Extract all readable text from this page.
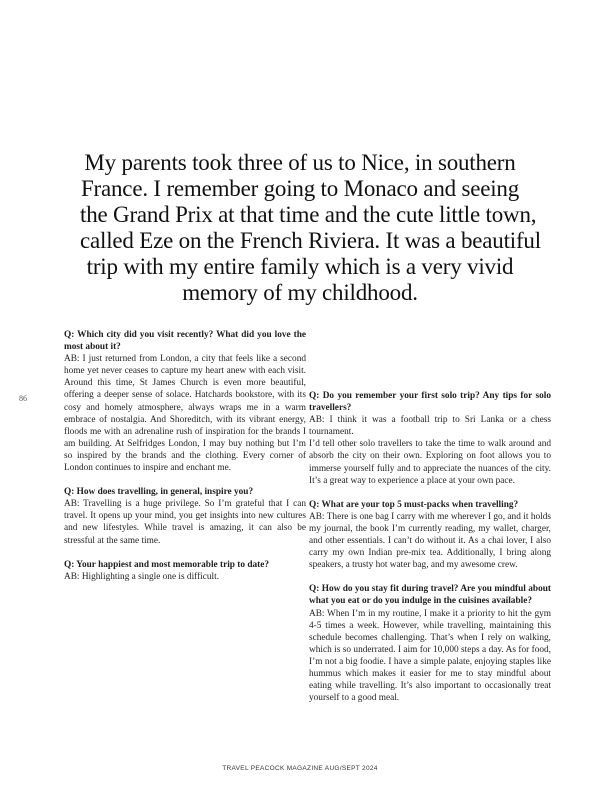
My parents took three of us to Nice, in southern
France. I remember going to Monaco and seeing
the Grand Prix at that time and the cute little town,
called Eze on the French Riviera. It was a beautiful
trip with my entire family which is a very vivid
memory of my childhood.
86

Q: Which city did you visit recently? What did you love the most about it?

AB: I just returned from London, a city that feels like a second home yet never ceases to capture my heart anew with each visit. Around this time, St James Church is even more beautiful, offering a deeper sense of solace. Hatchards bookstore, with its cosy and homely atmosphere, always wraps me in a warm embrace of nostalgia. And Shoreditch, with its vibrant energy, floods me with an adrenaline rush of inspiration for the brands I am building. At Selfridges London, I may buy nothing but I’m so inspired by the brands and the clothing. Every corner of London continues to inspire and enchant me.

Q: How does travelling, in general, inspire you?

AB: Travelling is a huge privilege. So I’m grateful that I can travel. It opens up your mind, you get insights into new cultures and new lifestyles. While travel is amazing, it can also be stressful at the same time.

Q: Your happiest and most memorable trip to date?

AB: Highlighting a single one is difficult.

Q: Do you remember your first solo trip? Any tips for solo travellers?

AB: I think it was a football trip to Sri Lanka or a chess tournament.

I’d tell other solo travellers to take the time to walk around and absorb the city on their own. Exploring on foot allows you to immerse yourself fully and to appreciate the nuances of the city. It’s a great way to experience a place at your own pace.

Q: What are your top 5 must-packs when travelling?

AB: There is one bag I carry with me wherever I go, and it holds my journal, the book I’m currently reading, my wallet, charger, and other essentials. I can’t do without it. As a chai lover, I also carry my own Indian pre-mix tea. Additionally, I bring along speakers, a trusty hot water bag, and my awesome crew.

Q: How do you stay fit during travel? Are you mindful about what you eat or do you indulge in the cuisines available?

AB: When I’m in my routine, I make it a priority to hit the gym 4-5 times a week. However, while travelling, maintaining this schedule becomes challenging. That’s when I rely on walking, which is so underrated. I aim for 10,000 steps a day. As for food, I’m not a big foodie. I have a simple palate, enjoying staples like hummus which makes it easier for me to stay mindful about eating while travelling. It’s also important to occasionally treat yourself to a good meal.

TRAVEL PEACOCK MAGAZINE AUG/SEPT 2024
